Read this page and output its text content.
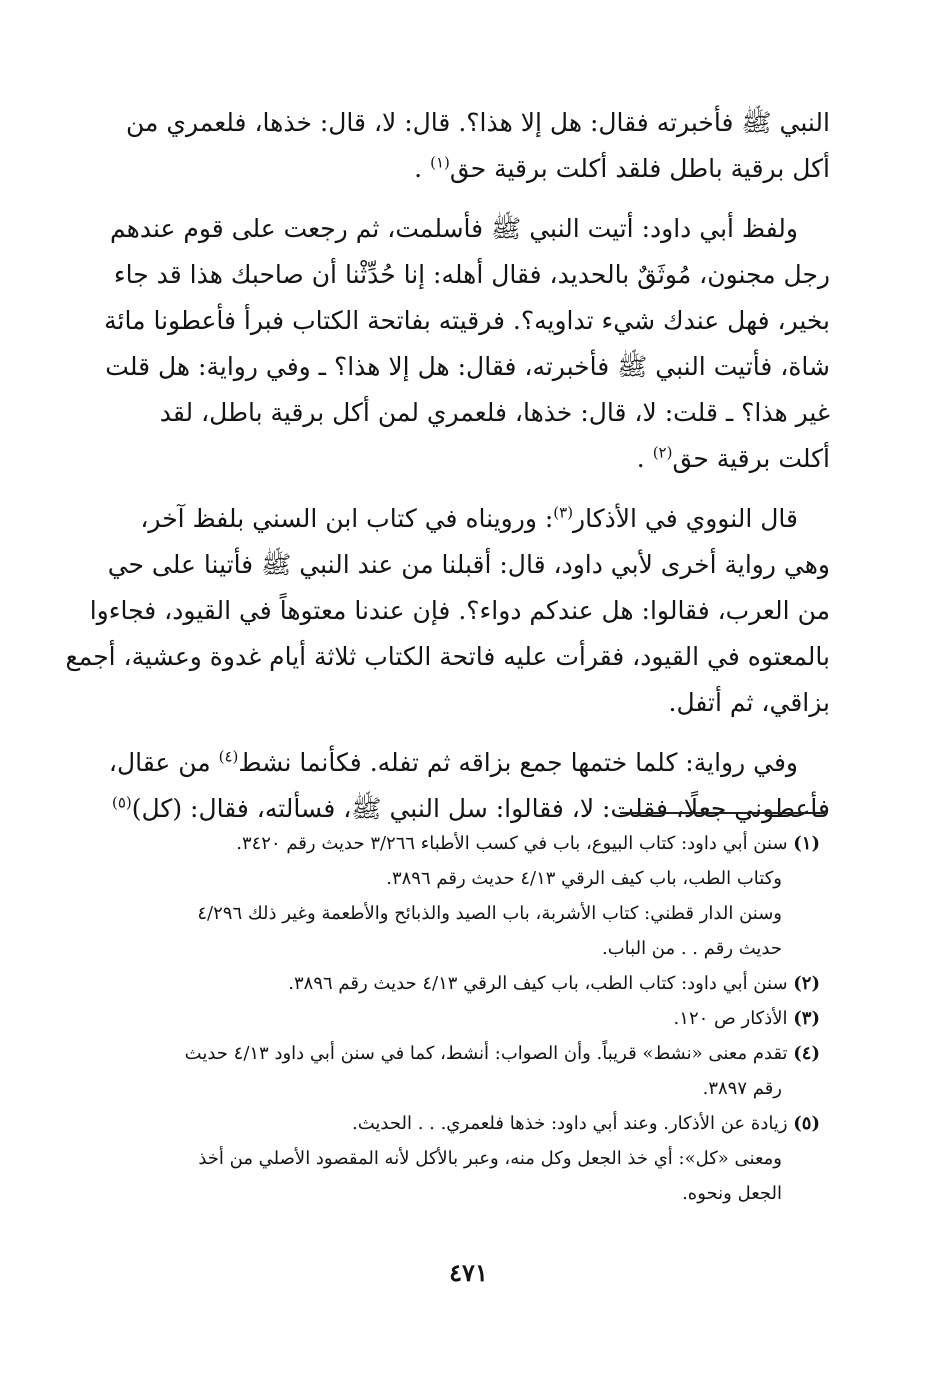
النبي ﷺ فأخبرته فقال: هل إلا هذا؟. قال: لا، قال: خذها، فلعمري من
أكل برقية باطل فلقد أكلت برقية حق$^{(١)}$ .

ولفظ أبي داود: أتيت النبي ﷺ فأسلمت، ثم رجعت على قوم عندهم
رجل مجنون، مُوثَقٌ بالحديد، فقال أهله: إنا حُدِّثْنا أن صاحبك هذا قد جاء
بخير، فهل عندك شيء تداويه؟. فرقيته بفاتحة الكتاب فبرأ فأعطونا مائة
شاة، فأتيت النبي ﷺ فأخبرته، فقال: هل إلا هذا؟ ـ وفي رواية: هل قلت
غير هذا؟ ـ قلت: لا، قال: خذها، فلعمري لمن أكل برقية باطل، لقد
أكلت برقية حق$^{(٢)}$ .

قال النووي في الأذكار$^{(٣)}$: ورويناه في كتاب ابن السني بلفظ آخر،
وهي رواية أخرى لأبي داود، قال: أقبلنا من عند النبي ﷺ فأتينا على حي
من العرب، فقالوا: هل عندكم دواء؟. فإن عندنا معتوهاً في القيود، فجاءوا
بالمعتوه في القيود، فقرأت عليه فاتحة الكتاب ثلاثة أيام غدوة وعشية، أجمع
بزاقي، ثم أتفل.

وفي رواية: كلما ختمها جمع بزاقه ثم تفله. فكأنما نشط$^{(٤)}$ من عقال،
فأعطوني جعلًا، فقلت: لا، فقالوا: سل النبي ﷺ، فسألته، فقال: (كل)$^{(٥)}$

(١) سنن أبي داود: كتاب البيوع، باب في كسب الأطباء ٣/٢٦٦ حديث رقم ٣٤٢٠.
وكتاب الطب، باب كيف الرقي ٤/١٣ حديث رقم ٣٨٩٦.
وسنن الدار قطني: كتاب الأشربة، باب الصيد والذبائح والأطعمة وغير ذلك ٤/٢٩٦
حديث رقم . . من الباب.
(٢) سنن أبي داود: كتاب الطب، باب كيف الرقي ٤/١٣ حديث رقم ٣٨٩٦.
(٣) الأذكار ص ١٢٠.
(٤) تقدم معنى «نشط» قريباً. وأن الصواب: أنشط، كما في سنن أبي داود ٤/١٣ حديث
رقم ٣٨٩٧.
(٥) زيادة عن الأذكار. وعند أبي داود: خذها فلعمري. . . الحديث.
ومعنى «كل»: أي خذ الجعل وكل منه، وعبر بالأكل لأنه المقصود الأصلي من أخذ
الجعل ونحوه.
٤٧١
